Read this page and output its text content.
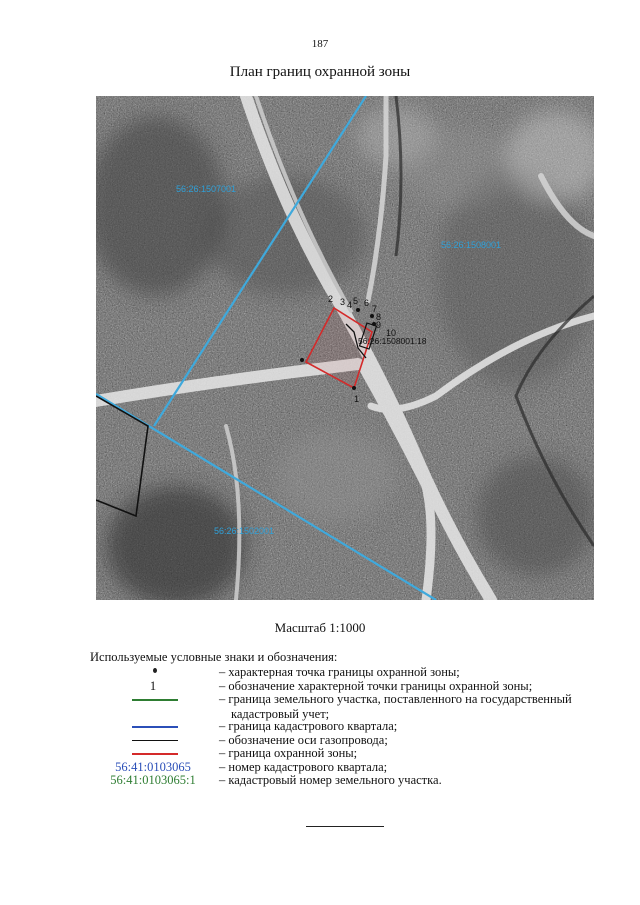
187
План границ охранной зоны
1
2 3 4 5 6
7
8
9
10
56:26:1508001:18
56:26:1507001
56:26:1508001
56:26:1502001
Масштаб 1:1000
Используемые условные знаки и обозначения:
– характерная точка границы охранной зоны;
1	– обозначение характерной точки границы охранной зоны;
– граница земельного участка, поставленного на государственный
кадастровый учет;
– граница кадастрового квартала;
– обозначение оси газопровода;
– граница охранной зоны;
56:41:0103065	– номер кадастрового квартала;
56:41:0103065:1	– кадастровый номер земельного участка.
